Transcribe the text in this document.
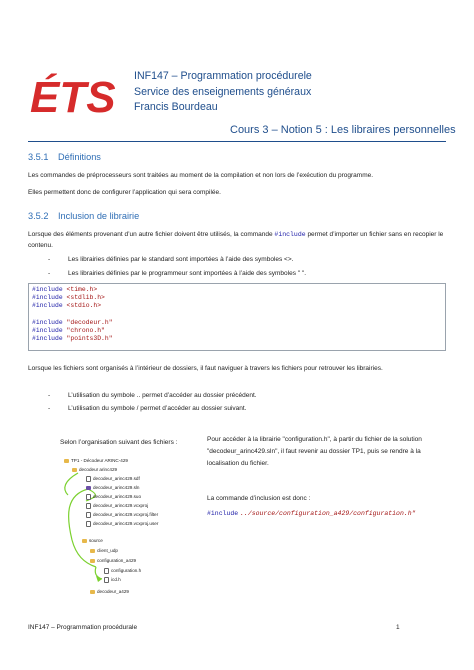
ÉTS INF147 – Programmation procédurele
Service des enseignements généraux
Francis Bourdeau
Cours 3 – Notion 5 : Les libraires personnelles
3.5.1 Définitions
Les commandes de préprocesseurs sont traitées au moment de la compilation et non lors de l’exécution du programme.
Elles permettent donc de configurer l’application qui sera compilée.
3.5.2 Inclusion de librairie
Lorsque des éléments provenant d’un autre fichier doivent être utilisés, la commande #include permet d’importer un fichier sans en recopier le contenu.
-	Les librairies définies par le standard sont importées à l’aide des symboles <>.
-	Les librairies définies par le programmeur sont importées à l’aide des symboles " ".
#include <time.h>
#include <stdlib.h>
#include <stdio.h>
#include "decodeur.h"
#include "chrono.h"
#include "points3D.h"
Lorsque les fichiers sont organisés à l’intérieur de dossiers, il faut naviguer à travers les fichiers pour retrouver les librairies.
-	L’utilisation du symbole .. permet d’accéder au dossier précédent.
-	L’utilisation du symbole / permet d’accéder au dossier suivant.
Selon l’organisation suivant des fichiers :
TP1 - Décodeur ARINC-429
decodeur arinc429
decodeur_arinc429.sdf
decodeur_arinc429.sln
decodeur_arinc429.suo
decodeur_arinc429.vcxproj
decodeur_arinc429.vcxproj.filter
decodeur_arinc429.vcxproj.user
source
client_udp
configuration_a429
configuration.h
icd.h
decodeur_a429
Pour accéder à la librairie "configuration.h", à partir du fichier de la solution "decodeur_arinc429.sln", il faut revenir au dossier TP1, puis se rendre à la localisation du fichier.
La commande d’inclusion est donc :
#include ../source/configuration_a429/configuration.h"
INF147 – Programmation procédurale	1
